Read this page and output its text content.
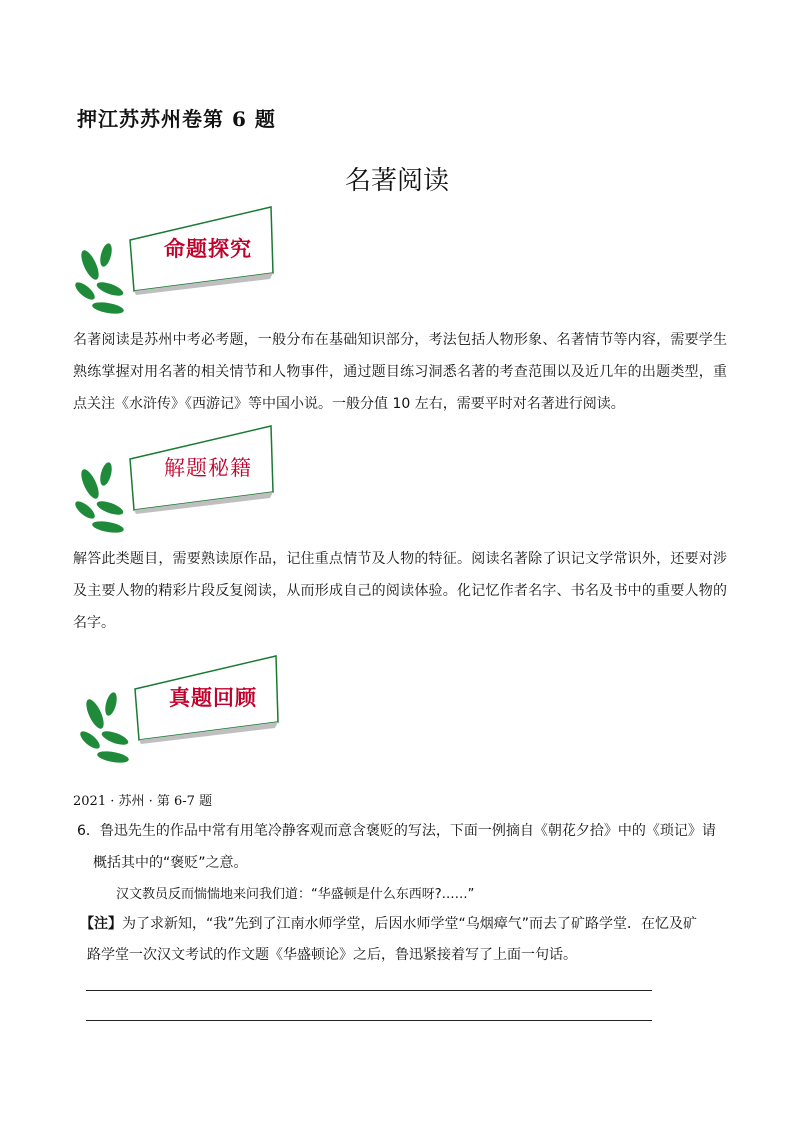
押江苏苏州卷第 6 题
名著阅读
命题探究
名著阅读是苏州中考必考题，一般分布在基础知识部分，考法包括人物形象、名著情节等内容，需要学生熟练掌握对用名著的相关情节和人物事件，通过题目练习洞悉名著的考查范围以及近几年的出题类型，重点关注《水浒传》《西游记》等中国小说。一般分值 10 左右，需要平时对名著进行阅读。
解题秘籍
解答此类题目，需要熟读原作品，记住重点情节及人物的特征。阅读名著除了识记文学常识外，还要对涉及主要人物的精彩片段反复阅读，从而形成自己的阅读体验。化记忆作者名字、书名及书中的重要人物的名字。
真题回顾
2021 · 苏州 · 第 6-7 题
6．鲁迅先生的作品中常有用笔冷静客观而意含褒贬的写法，下面一例摘自《朝花夕拾》中的《琐记》请
概括其中的“褒贬”之意。
汉文教员反而惴惴地来问我们道：“华盛顿是什么东西呀?……”
【注】为了求新知，“我”先到了江南水师学堂，后因水师学堂“乌烟瘴气”而去了矿路学堂．在忆及矿
路学堂一次汉文考试的作文题《华盛顿论》之后，鲁迅紧接着写了上面一句话。
